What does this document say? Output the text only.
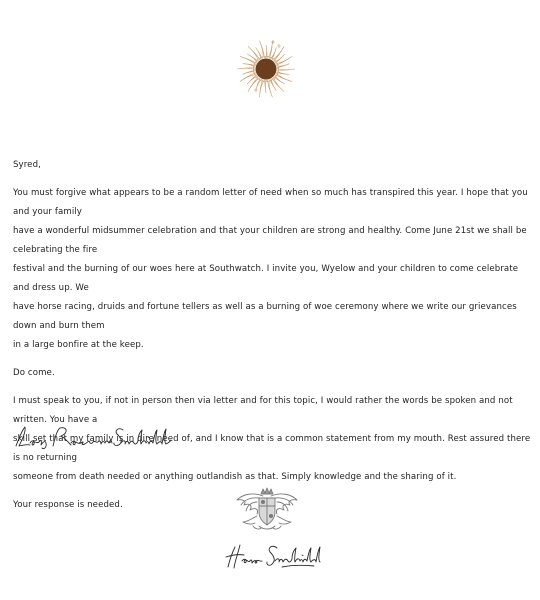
Syred,

You must forgive what appears to be a random letter of need when so much has transpired this year. I hope that you and your family

have a wonderful midsummer celebration and that your children are strong and healthy. Come June 21st we shall be celebrating the fire

festival and the burning of our woes here at Southwatch. I invite you, Wyelow and your children to come celebrate and dress up. We

have horse racing, druids and fortune tellers as well as a burning of woe ceremony where we write our grievances down and burn them

in a large bonfire at the keep.

Do come.

I must speak to you, if not in person then via letter and for this topic, I would rather the words be spoken and not written. You have a

skill set that my family is in dire need of, and I know that is a common statement from my mouth. Rest assured there is no returning

someone from death needed or anything outlandish as that. Simply knowledge and the sharing of it.

Your response is needed.
